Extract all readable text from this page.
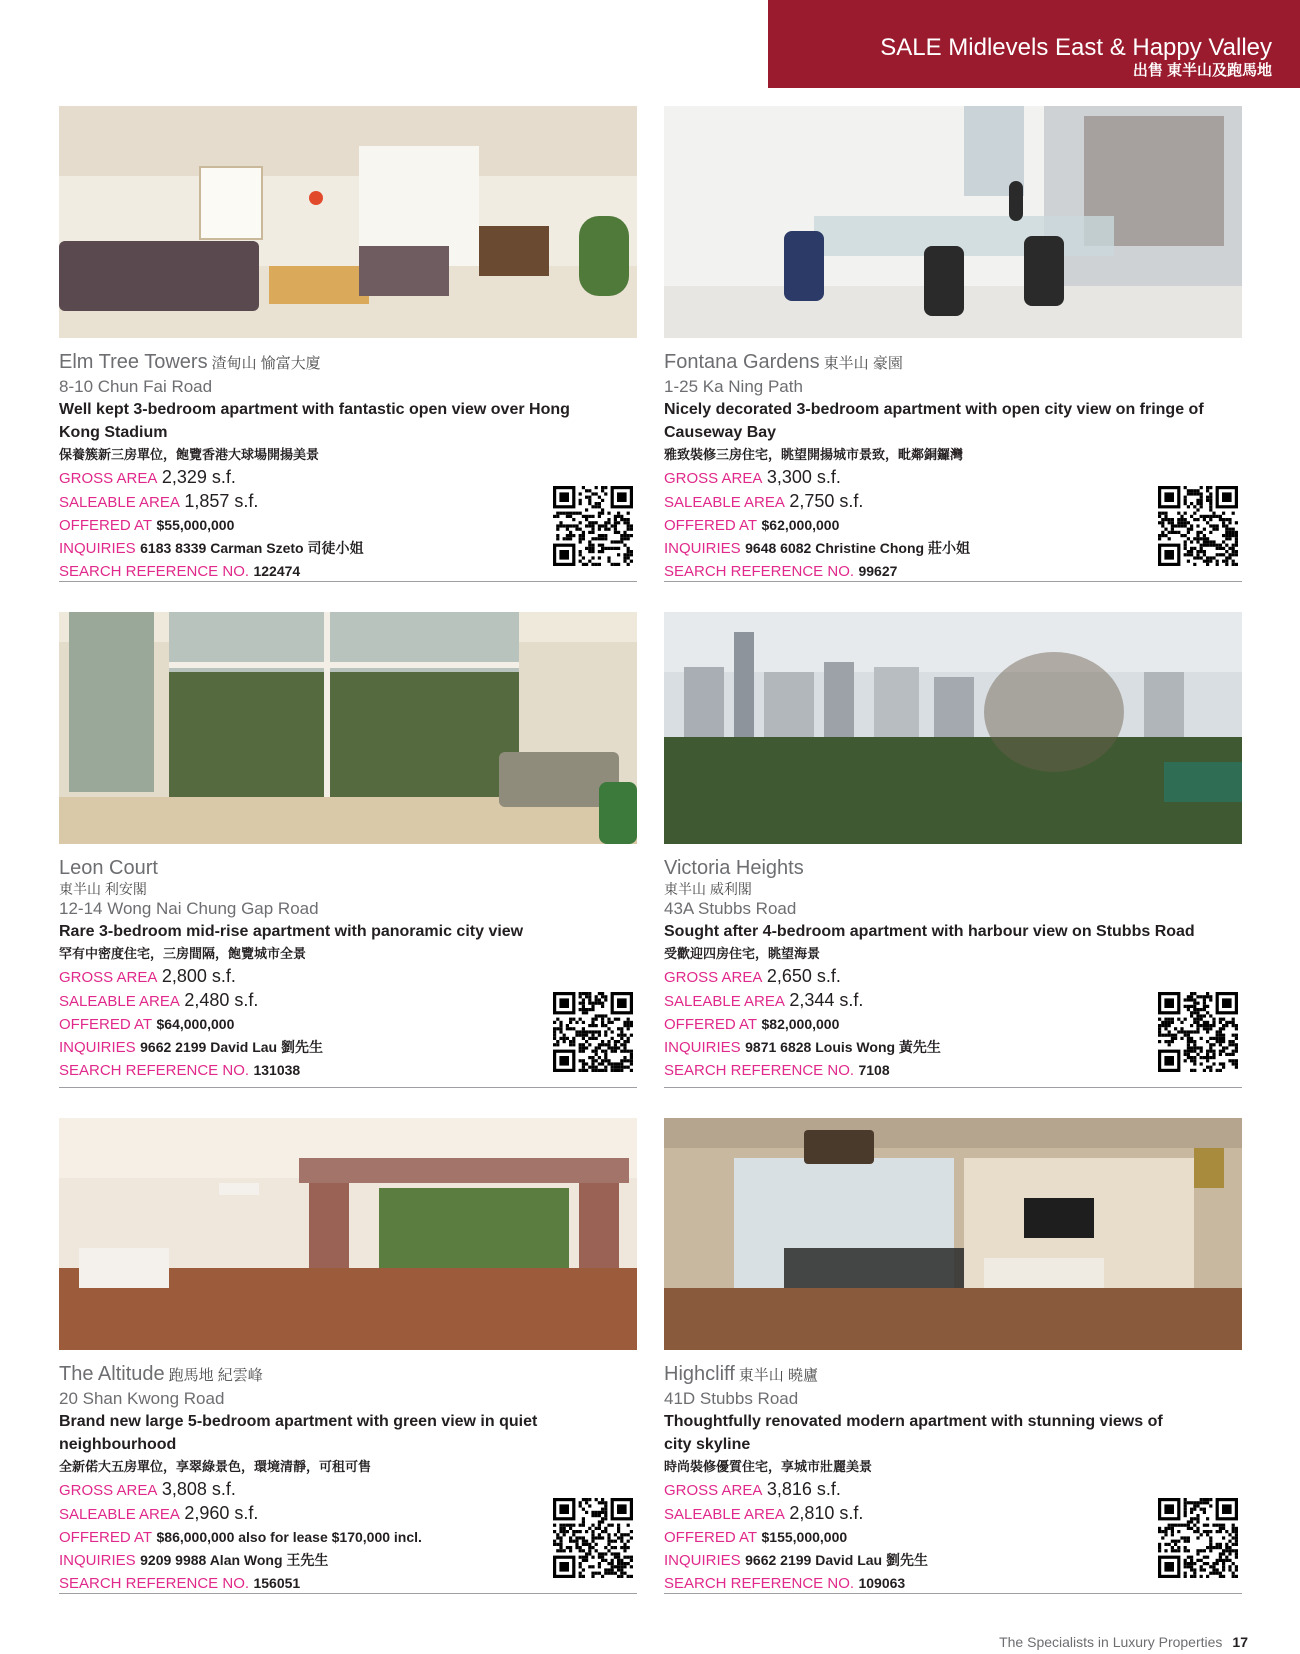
SALE Midlevels East & Happy Valley
出售 東半山及跑馬地
Elm Tree Towers 渣甸山 愉富大廈
8-10 Chun Fai Road
Well kept 3-bedroom apartment with fantastic open view over Hong Kong Stadium
保養簇新三房單位，飽覽香港大球場開揚美景
GROSS AREA 2,329 s.f.
SALEABLE AREA 1,857 s.f.
OFFERED AT $55,000,000
INQUIRIES 6183 8339 Carman Szeto 司徒小姐
SEARCH REFERENCE NO. 122474
Fontana Gardens 東半山 豪園
1-25 Ka Ning Path
Nicely decorated 3-bedroom apartment with open city view on fringe of Causeway Bay
雅致裝修三房住宅，眺望開揚城市景致，毗鄰銅鑼灣
GROSS AREA 3,300 s.f.
SALEABLE AREA 2,750 s.f.
OFFERED AT $62,000,000
INQUIRIES 9648 6082 Christine Chong 莊小姐
SEARCH REFERENCE NO. 99627
Leon Court
東半山 利安閣
12-14 Wong Nai Chung Gap Road
Rare 3-bedroom mid-rise apartment with panoramic city view
罕有中密度住宅，三房間隔，飽覽城市全景
GROSS AREA 2,800 s.f.
SALEABLE AREA 2,480 s.f.
OFFERED AT $64,000,000
INQUIRIES 9662 2199 David Lau 劉先生
SEARCH REFERENCE NO. 131038
Victoria Heights
東半山 威利閣
43A Stubbs Road
Sought after 4-bedroom apartment with harbour view on Stubbs Road
受歡迎四房住宅，眺望海景
GROSS AREA 2,650 s.f.
SALEABLE AREA 2,344 s.f.
OFFERED AT $82,000,000
INQUIRIES 9871 6828 Louis Wong 黃先生
SEARCH REFERENCE NO. 7108
The Altitude 跑馬地 紀雲峰
20 Shan Kwong Road
Brand new large 5-bedroom apartment with green view in quiet neighbourhood
全新偌大五房單位，享翠綠景色，環境清靜，可租可售
GROSS AREA 3,808 s.f.
SALEABLE AREA 2,960 s.f.
OFFERED AT $86,000,000 also for lease $170,000 incl.
INQUIRIES 9209 9988 Alan Wong 王先生
SEARCH REFERENCE NO. 156051
Highcliff 東半山 曉廬
41D Stubbs Road
Thoughtfully renovated modern apartment with stunning views of city skyline
時尚裝修優質住宅，享城市壯麗美景
GROSS AREA 3,816 s.f.
SALEABLE AREA 2,810 s.f.
OFFERED AT $155,000,000
INQUIRIES 9662 2199 David Lau 劉先生
SEARCH REFERENCE NO. 109063
The Specialists in Luxury Properties 17
